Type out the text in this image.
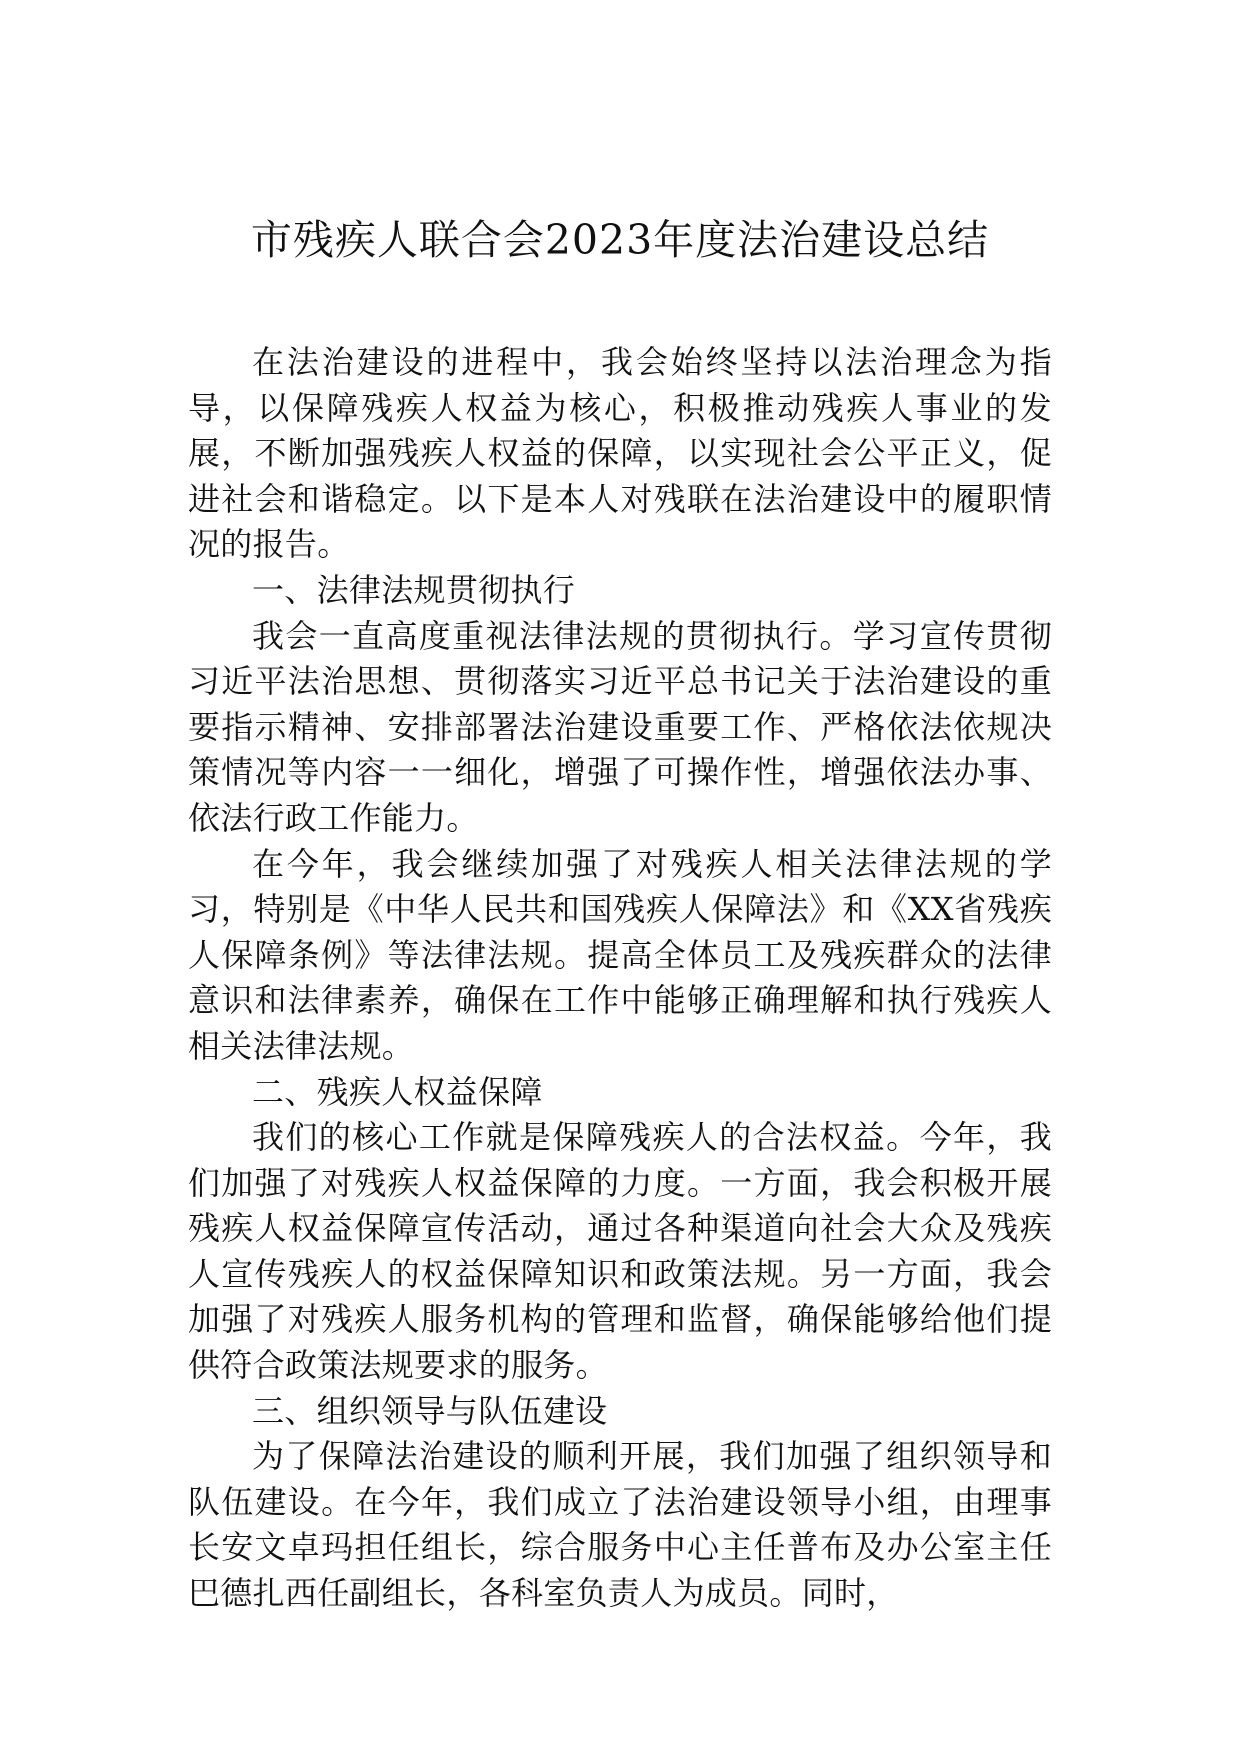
市残疾人联合会2023年度法治建设总结

在法治建设的进程中，我会始终坚持以法治理念为指导，以保障残疾人权益为核心，积极推动残疾人事业的发展，不断加强残疾人权益的保障，以实现社会公平正义，促进社会和谐稳定。以下是本人对残联在法治建设中的履职情况的报告。

一、法律法规贯彻执行

我会一直高度重视法律法规的贯彻执行。学习宣传贯彻习近平法治思想、贯彻落实习近平总书记关于法治建设的重要指示精神、安排部署法治建设重要工作、严格依法依规决策情况等内容一一细化，增强了可操作性，增强依法办事、依法行政工作能力。

在今年，我会继续加强了对残疾人相关法律法规的学习，特别是《中华人民共和国残疾人保障法》和《XX省残疾人保障条例》等法律法规。提高全体员工及残疾群众的法律意识和法律素养，确保在工作中能够正确理解和执行残疾人相关法律法规。

二、残疾人权益保障

我们的核心工作就是保障残疾人的合法权益。今年，我们加强了对残疾人权益保障的力度。一方面，我会积极开展残疾人权益保障宣传活动，通过各种渠道向社会大众及残疾人宣传残疾人的权益保障知识和政策法规。另一方面，我会加强了对残疾人服务机构的管理和监督，确保能够给他们提供符合政策法规要求的服务。

三、组织领导与队伍建设

为了保障法治建设的顺利开展，我们加强了组织领导和队伍建设。在今年，我们成立了法治建设领导小组，由理事长安文卓玛担任组长，综合服务中心主任普布及办公室主任巴德扎西任副组长，各科室负责人为成员。同时，
